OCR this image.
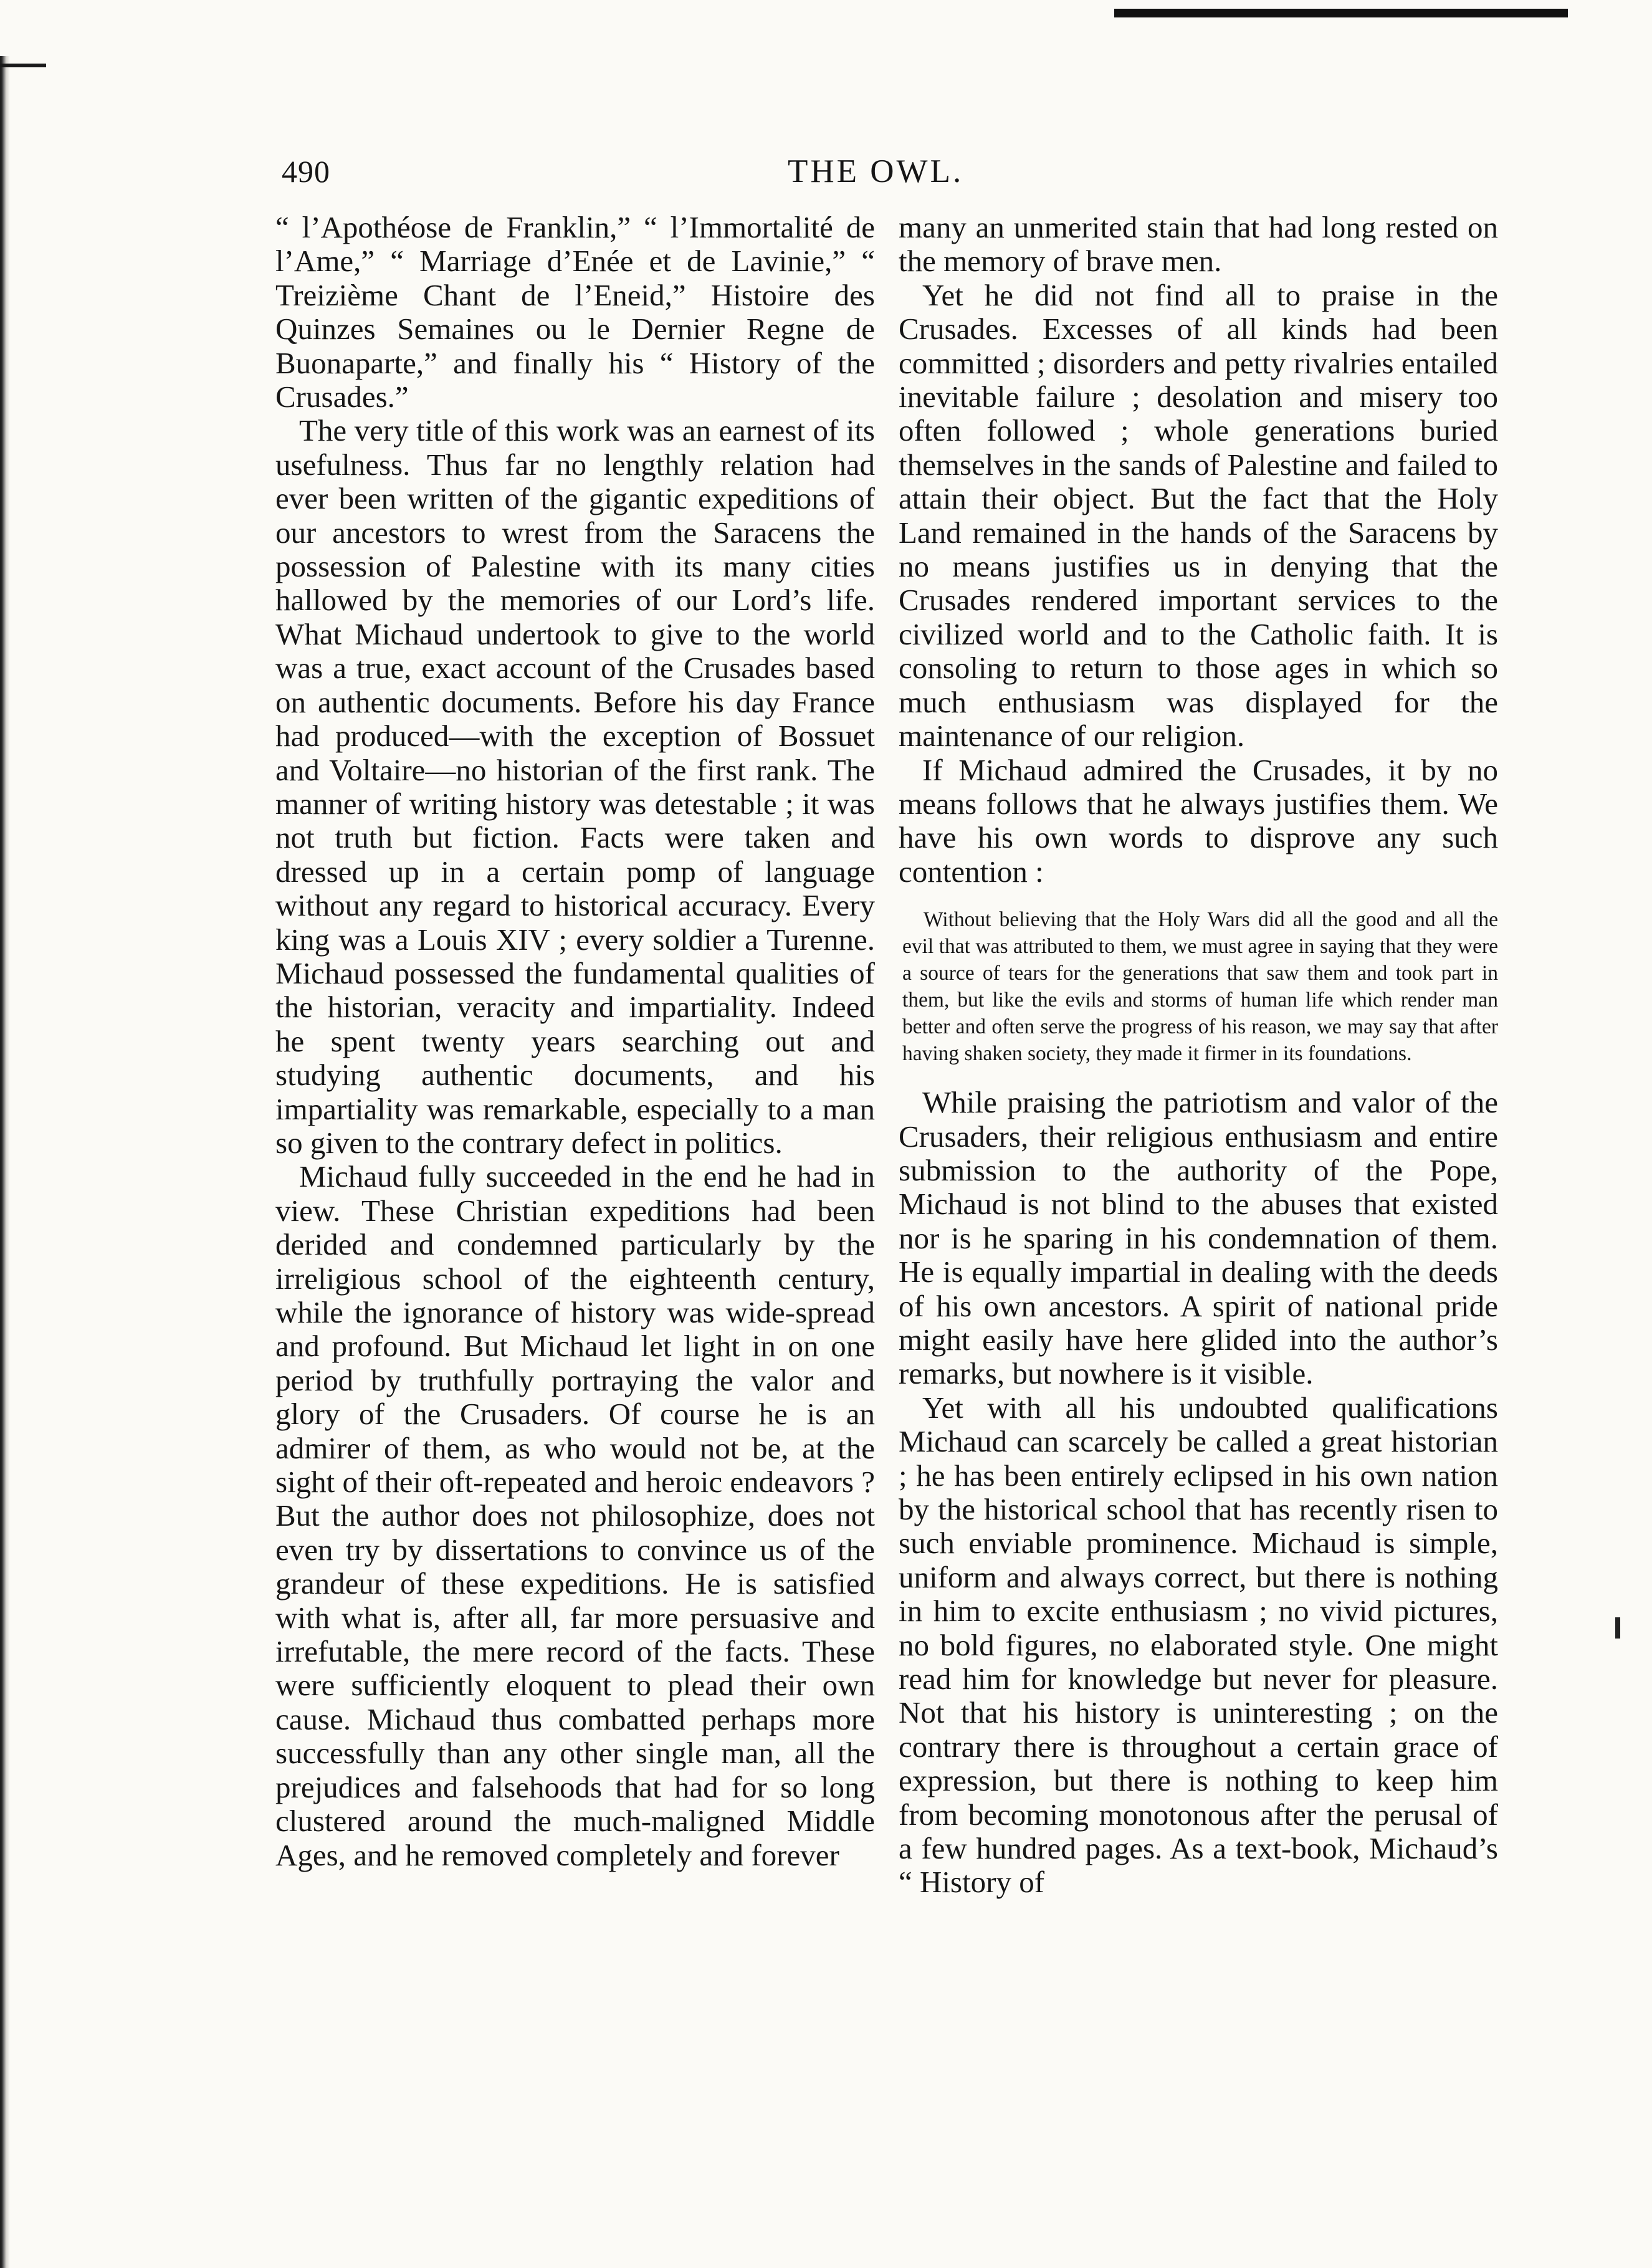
490	THE OWL.

“ l’Apothéose de Franklin,” “ l’Immortalité de l’Ame,” “ Marriage d’Enée et de Lavinie,” “ Treizième Chant de l’Eneid,” Histoire des Quinzes Semaines ou le Dernier Regne de Buonaparte,” and finally his “ History of the Crusades.”

The very title of this work was an earnest of its usefulness. Thus far no lengthly relation had ever been written of the gigantic expeditions of our ancestors to wrest from the Saracens the possession of Palestine with its many cities hallowed by the memories of our Lord’s life. What Michaud undertook to give to the world was a true, exact account of the Crusades based on authentic documents. Before his day France had produced—with the exception of Bossuet and Voltaire—no historian of the first rank. The manner of writing history was detestable ; it was not truth but fiction. Facts were taken and dressed up in a certain pomp of language without any regard to historical accuracy. Every king was a Louis XIV ; every soldier a Turenne. Michaud possessed the fundamental qualities of the historian, veracity and impartiality. Indeed he spent twenty years searching out and studying authentic documents, and his impartiality was remarkable, especially to a man so given to the contrary defect in politics.

Michaud fully succeeded in the end he had in view. These Christian expeditions had been derided and condemned particularly by the irreligious school of the eighteenth century, while the ignorance of history was wide-spread and profound. But Michaud let light in on one period by truthfully portraying the valor and glory of the Crusaders. Of course he is an admirer of them, as who would not be, at the sight of their oft-repeated and heroic endeavors ? But the author does not philosophize, does not even try by dissertations to convince us of the grandeur of these expeditions. He is satisfied with what is, after all, far more persuasive and irrefutable, the mere record of the facts. These were sufficiently eloquent to plead their own cause. Michaud thus combatted perhaps more successfully than any other single man, all the prejudices and falsehoods that had for so long clustered around the much-maligned Middle Ages, and he removed completely and forever

many an unmerited stain that had long rested on the memory of brave men.

Yet he did not find all to praise in the Crusades. Excesses of all kinds had been committed ; disorders and petty rivalries entailed inevitable failure ; desolation and misery too often followed ; whole generations buried themselves in the sands of Palestine and failed to attain their object. But the fact that the Holy Land remained in the hands of the Saracens by no means justifies us in denying that the Crusades rendered important services to the civilized world and to the Catholic faith. It is consoling to return to those ages in which so much enthusiasm was displayed for the maintenance of our religion.

If Michaud admired the Crusades, it by no means follows that he always justifies them. We have his own words to disprove any such contention :

Without believing that the Holy Wars did all the good and all the evil that was attributed to them, we must agree in saying that they were a source of tears for the generations that saw them and took part in them, but like the evils and storms of human life which render man better and often serve the progress of his reason, we may say that after having shaken society, they made it firmer in its foundations.

While praising the patriotism and valor of the Crusaders, their religious enthusiasm and entire submission to the authority of the Pope, Michaud is not blind to the abuses that existed nor is he sparing in his condemnation of them. He is equally impartial in dealing with the deeds of his own ancestors. A spirit of national pride might easily have here glided into the author’s remarks, but nowhere is it visible.

Yet with all his undoubted qualifications Michaud can scarcely be called a great historian ; he has been entirely eclipsed in his own nation by the historical school that has recently risen to such enviable prominence. Michaud is simple, uniform and always correct, but there is nothing in him to excite enthusiasm ; no vivid pictures, no bold figures, no elaborated style. One might read him for knowledge but never for pleasure. Not that his history is uninteresting ; on the contrary there is throughout a certain grace of expression, but there is nothing to keep him from becoming monotonous after the perusal of a few hundred pages. As a text-book, Michaud’s “ History of
